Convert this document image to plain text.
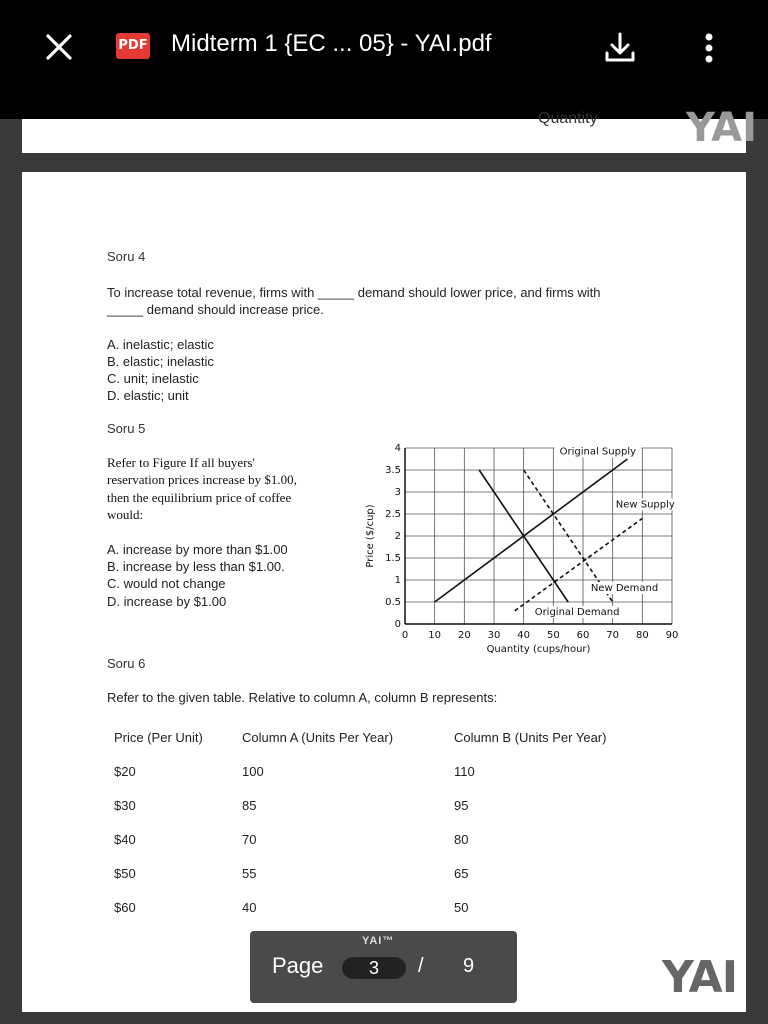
PDF Midterm 1 {EC ... 05} - YAI.pdf
Quantity YAI
Soru 4
To increase total revenue, firms with _____ demand should lower price, and firms with
_____ demand should increase price.
A. inelastic; elastic
B. elastic; inelastic
C. unit; inelastic
D. elastic; unit
Soru 5
Refer to Figure If all buyers'
reservation prices increase by $1.00,
then the equilibrium price of coffee
would:
A. increase by more than $1.00
B. increase by less than $1.00.
C. would not change
D. increase by $1.00
0 10 20 30 40 50 60 70 80 90
0
0.5
1
1.5
2
2.5
3
3.5
4
Quantity (cups/hour)
Price ($/cup)
Original Supply
New Supply
New Demand
Original Demand
Soru 6
Refer to the given table. Relative to column A, column B represents:
Price (Per Unit)	Column A (Units Per Year)	Column B (Units Per Year)
$20	100	110
$30	85	95
$40	70	80
$50	55	65
$60	40	50
YAI™
Page	3	/ 9	YAI
